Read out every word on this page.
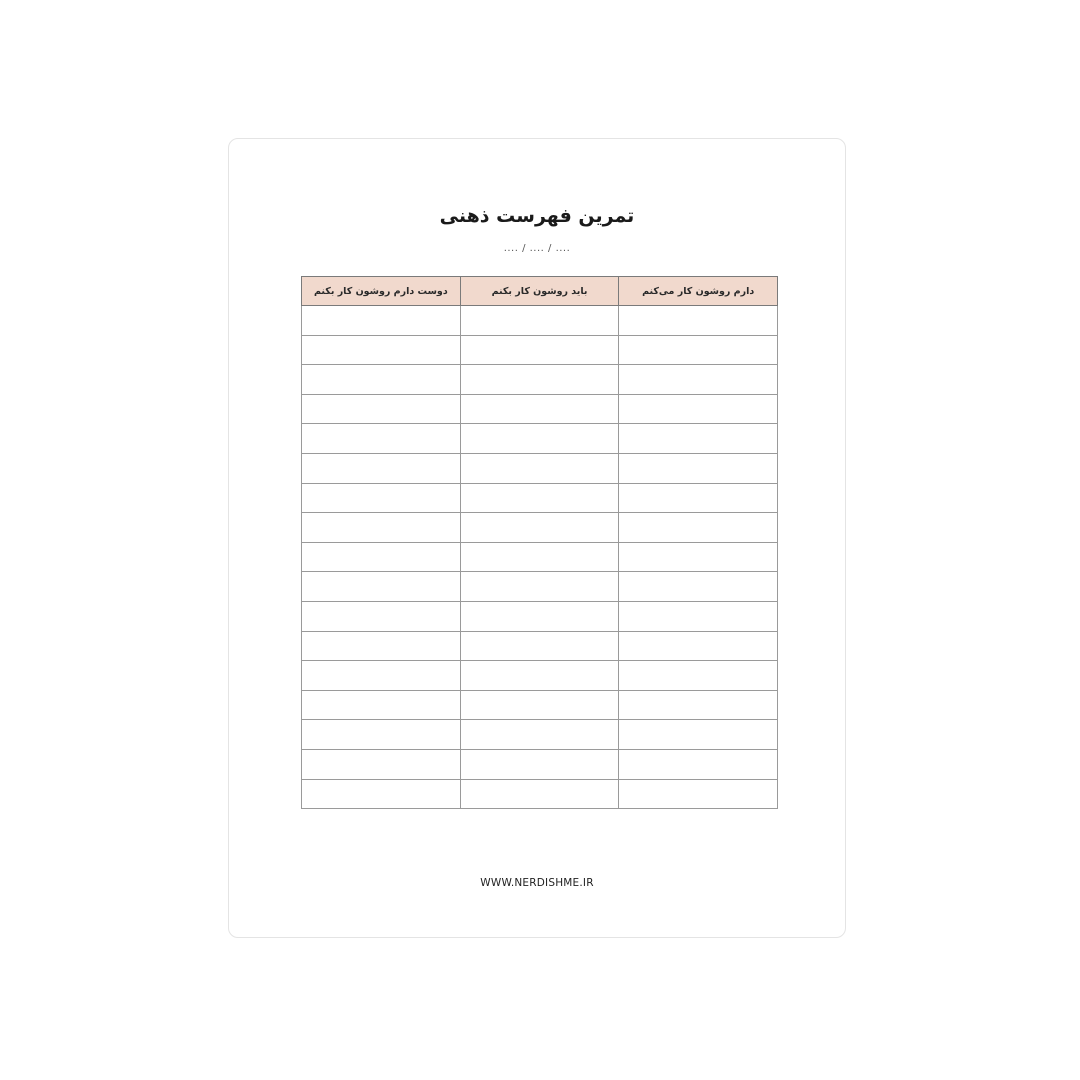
تمرین فهرست ذهنی
.... / .... / ....
دارم روشون کار می‌کنم	باید روشون کار بکنم	دوست دارم روشون کار بکنم

WWW.NERDISHME.IR
